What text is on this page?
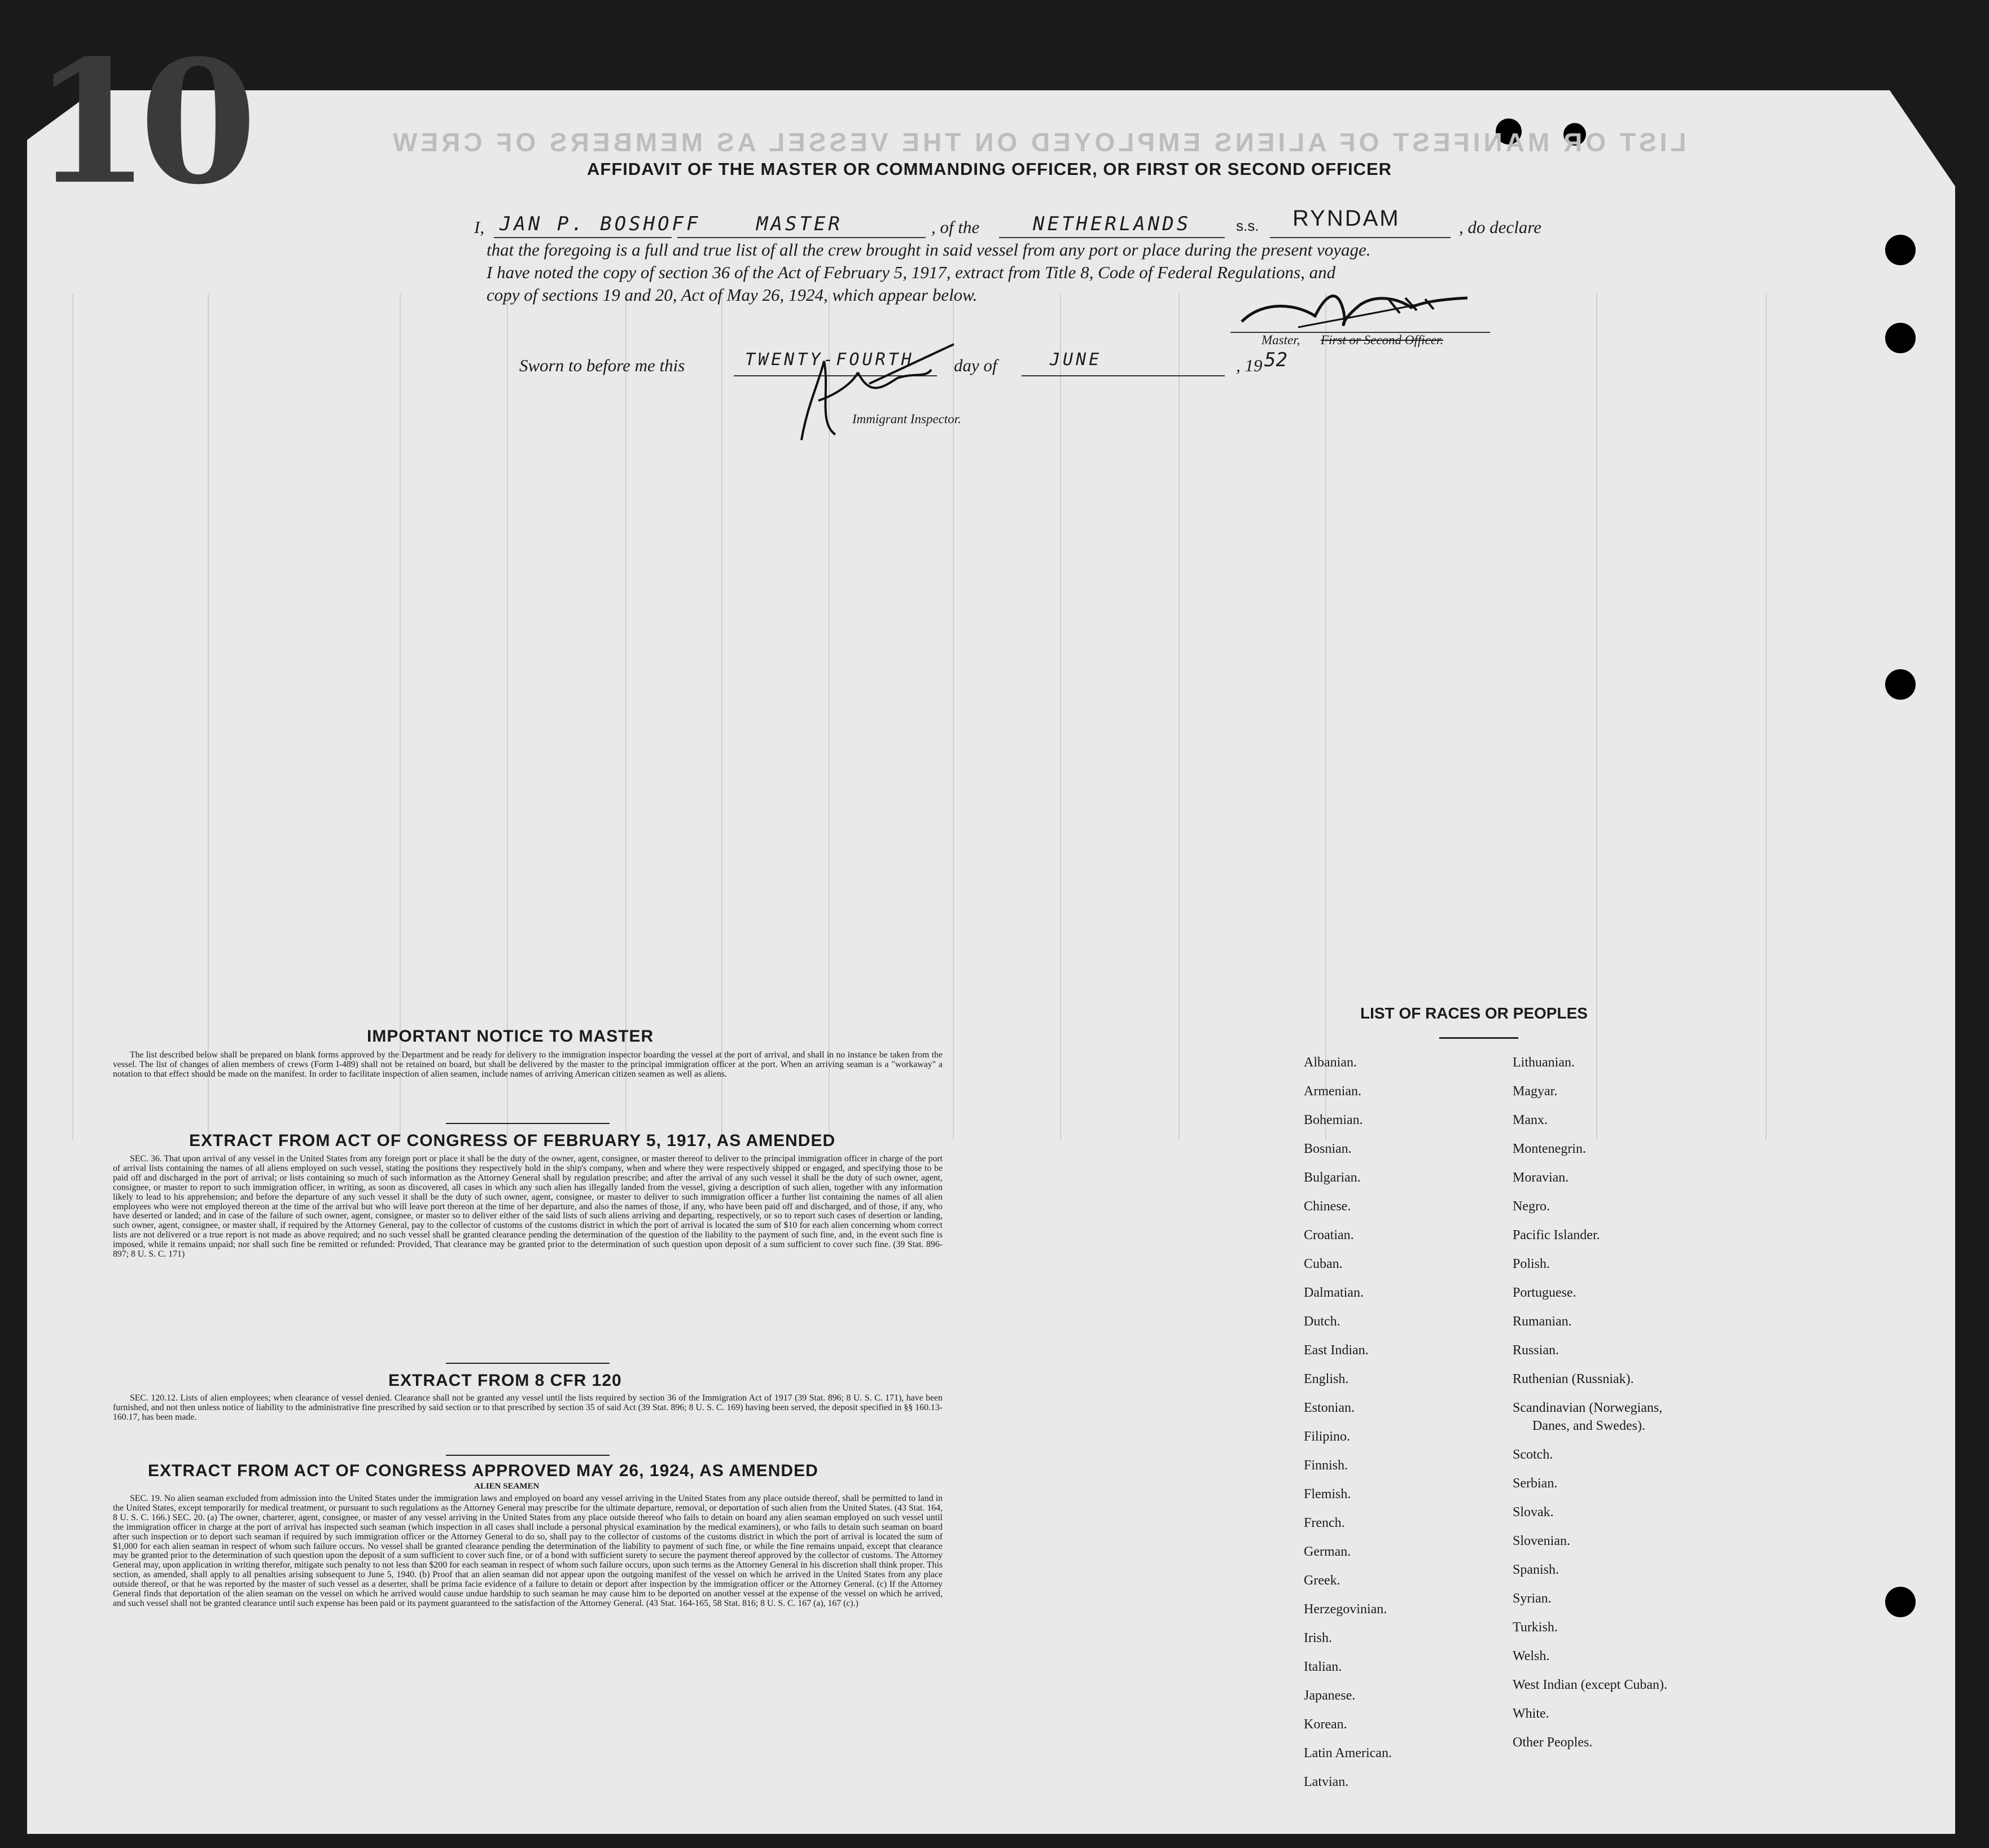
10	LIST OR MANIFEST OF ALIENS EMPLOYED ON THE VESSEL AS MEMBERS OF CREW
AFFIDAVIT OF THE MASTER OR COMMANDING OFFICER, OR FIRST OR SECOND OFFICER
I, JAN P. BOSHOFF	MASTER	, of the	NETHERLANDS	s.s. RYNDAM	, do declare
that the foregoing is a full and true list of all the crew brought in said vessel from any port or place during the present voyage.
I have noted the copy of section 36 of the Act of February 5, 1917, extract from Title 8, Code of Federal Regulations, and
copy of sections 19 and 20, Act of May 26, 1924, which appear below.
Master, First or Second Officer.
Sworn to before me this	TWENTY-FOURTH day of	JUNE	, 19 52
Immigrant Inspector.
IMPORTANT NOTICE TO MASTER
The list described below shall be prepared on blank forms approved by the Department and be ready for delivery to the immigration inspector boarding the vessel at the port of arrival, and shall in no instance be taken from the vessel. The list of changes of alien members of crews (Form I-489) shall not be retained on board, but shall be delivered by the master to the principal immigration officer at the port. When an arriving seaman is a "workaway" a notation to that effect should be made on the manifest. In order to facilitate inspection of alien seamen, include names of arriving American citizen seamen as well as aliens.
EXTRACT FROM ACT OF CONGRESS OF FEBRUARY 5, 1917, AS AMENDED
SEC. 36. That upon arrival of any vessel in the United States from any foreign port or place it shall be the duty of the owner, agent, consignee, or master thereof to deliver to the principal immigration officer in charge of the port of arrival lists containing the names of all aliens employed on such vessel, stating the positions they respectively hold in the ship's company, when and where they were respectively shipped or engaged, and specifying those to be paid off and discharged in the port of arrival; or lists containing so much of such information as the Attorney General shall by regulation prescribe; and after the arrival of any such vessel it shall be the duty of such owner, agent, consignee, or master to report to such immigration officer, in writing, as soon as discovered, all cases in which any such alien has illegally landed from the vessel, giving a description of such alien, together with any information likely to lead to his apprehension; and before the departure of any such vessel it shall be the duty of such owner, agent, consignee, or master to deliver to such immigration officer a further list containing the names of all alien employees who were not employed thereon at the time of the arrival but who will leave port thereon at the time of her departure, and also the names of those, if any, who have been paid off and discharged, and of those, if any, who have deserted or landed; and in case of the failure of such owner, agent, consignee, or master so to deliver either of the said lists of such aliens arriving and departing, respectively, or so to report such cases of desertion or landing, such owner, agent, consignee, or master shall, if required by the Attorney General, pay to the collector of customs of the customs district in which the port of arrival is located the sum of $10 for each alien concerning whom correct lists are not delivered or a true report is not made as above required; and no such vessel shall be granted clearance pending the determination of the question of the liability to the payment of such fine, and, in the event such fine is imposed, while it remains unpaid; nor shall such fine be remitted or refunded: Provided, That clearance may be granted prior to the determination of such question upon deposit of a sum sufficient to cover such fine. (39 Stat. 896-897; 8 U. S. C. 171)
EXTRACT FROM 8 CFR 120
SEC. 120.12. Lists of alien employees; when clearance of vessel denied. Clearance shall not be granted any vessel until the lists required by section 36 of the Immigration Act of 1917 (39 Stat. 896; 8 U. S. C. 171), have been furnished, and not then unless notice of liability to the administrative fine prescribed by said section or to that prescribed by section 35 of said Act (39 Stat. 896; 8 U. S. C. 169) having been served, the deposit specified in §§ 160.13-160.17, has been made.
EXTRACT FROM ACT OF CONGRESS APPROVED MAY 26, 1924, AS AMENDED
ALIEN SEAMEN
SEC. 19. No alien seaman excluded from admission into the United States under the immigration laws and employed on board any vessel arriving in the United States from any place outside thereof, shall be permitted to land in the United States, except temporarily for medical treatment, or pursuant to such regulations as the Attorney General may prescribe for the ultimate departure, removal, or deportation of such alien from the United States. (43 Stat. 164, 8 U. S. C. 166.) SEC. 20. (a) The owner, charterer, agent, consignee, or master of any vessel arriving in the United States from any place outside thereof who fails to detain on board any alien seaman employed on such vessel until the immigration officer in charge at the port of arrival has inspected such seaman (which inspection in all cases shall include a personal physical examination by the medical examiners), or who fails to detain such seaman on board after such inspection or to deport such seaman if required by such immigration officer or the Attorney General to do so, shall pay to the collector of customs of the customs district in which the port of arrival is located the sum of $1,000 for each alien seaman in respect of whom such failure occurs. No vessel shall be granted clearance pending the determination of the liability to payment of such fine, or while the fine remains unpaid, except that clearance may be granted prior to the determination of such question upon the deposit of a sum sufficient to cover such fine, or of a bond with sufficient surety to secure the payment thereof approved by the collector of customs. The Attorney General may, upon application in writing therefor, mitigate such penalty to not less than $200 for each seaman in respect of whom such failure occurs, upon such terms as the Attorney General in his discretion shall think proper. This section, as amended, shall apply to all penalties arising subsequent to June 5, 1940. (b) Proof that an alien seaman did not appear upon the outgoing manifest of the vessel on which he arrived in the United States from any place outside thereof, or that he was reported by the master of such vessel as a deserter, shall be prima facie evidence of a failure to detain or deport after inspection by the immigration officer or the Attorney General. (c) If the Attorney General finds that deportation of the alien seaman on the vessel on which he arrived would cause undue hardship to such seaman he may cause him to be deported on another vessel at the expense of the vessel on which he arrived, and such vessel shall not be granted clearance until such expense has been paid or its payment guaranteed to the satisfaction of the Attorney General. (43 Stat. 164-165, 58 Stat. 816; 8 U. S. C. 167 (a), 167 (c).)
LIST OF RACES OR PEOPLES
Albanian.
Armenian.
Bohemian.
Bosnian.
Bulgarian.
Chinese.
Croatian.
Cuban.
Dalmatian.
Dutch.
East Indian.
English.
Estonian.
Filipino.
Finnish.
Flemish.
French.
German.
Greek.
Herzegovinian.
Irish.
Italian.
Japanese.
Korean.
Latin American.
Latvian.
Lithuanian.
Magyar.
Manx.
Montenegrin.
Moravian.
Negro.
Pacific Islander.
Polish.
Portuguese.
Rumanian.
Russian.
Ruthenian (Russniak).
Scandinavian (Norwegians,
Danes, and Swedes).
Scotch.
Serbian.
Slovak.
Slovenian.
Spanish.
Syrian.
Turkish.
Welsh.
West Indian (except Cuban).
White.
Other Peoples.
